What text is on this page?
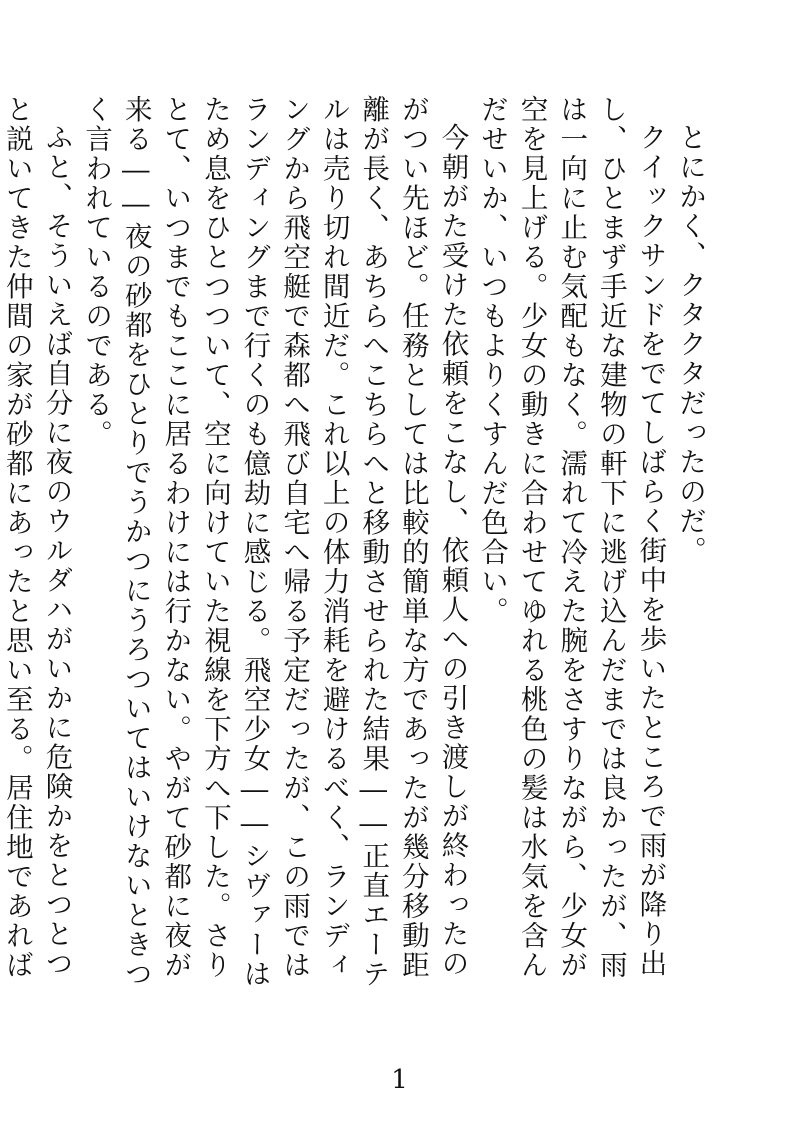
とにかく、クタクタだったのだ。

クイックサンドをでてしばらく街中を歩いたところで雨が降り出し、ひとまず手近な建物の軒下に逃げ込んだまでは良かったが、雨は一向に止む気配もなく。濡れて冷えた腕をさすりながら、少女が空を見上げる。少女の動きに合わせてゆれる桃色の髪は水気を含んだせいか、いつもよりくすんだ色合い。

今朝がた受けた依頼をこなし、依頼人への引き渡しが終わったのがつい先ほど。任務としては比較的簡単な方であったが幾分移動距離が長く、あちらへこちらへと移動させられた結果――正直エーテルは売り切れ間近だ。これ以上の体力消耗を避けるべく、ランディングから飛空艇で森都へ飛び自宅へ帰る予定だったが、この雨ではランディングまで行くのも億劫に感じる。飛空少女――シヴァーはため息をひとつついて、空に向けていた視線を下方へ下した。さりとて、いつまでもここに居るわけには行かない。やがて砂都に夜が来る――夜の砂都をひとりでうかつにうろついてはいけないときつく言われているのである。

ふと、そういえば自分に夜のウルダハがいかに危険かをとつとつと説いてきた仲間の家が砂都にあったと思い至る。居住地であれば

1
